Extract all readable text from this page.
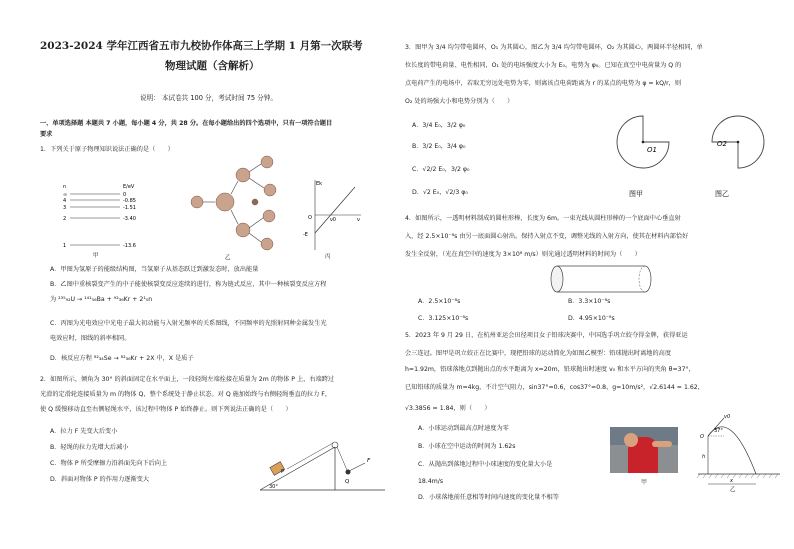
2023-2024 学年江西省五市九校协作体高三上学期 1 月第一次联考
物理试题（含解析）
说明： 本试卷共 100 分，考试时间 75 分钟。
一、单项选择题 本题共 7 小题，每小题 4 分，共 28 分。在每小题给出的四个选项中，只有一项符合题目
要求
1．下列关于原子物理知识说法正确的是（　　）
n	E/eV
∞
4
3
2
1
0
-0.85
-1.51
-3.40
-13.6
甲	乙
Ek
ν0	ν
O
-E
丙
A．甲图为氢原子的能级结构图，当氢原子从基态跃迁到激发态时，放出能量
B．乙图中重核裂变产生的中子能使核裂变反应连续的进行，称为链式反应，其中一种核裂变反应方程
为 ²³⁵₉₂U → ¹⁴¹₅₆Ba + ⁹²₃₆Kr + 2¹₀n
C．丙图为光电效应中光电子最大初动能与入射光频率的关系图线，不同频率的光照射同种金属发生光
电效应时，图线的斜率相同。
D．核反应方程 ⁸²₃₄Se → ⁸²₃₆Kr + 2X 中，X 是质子
2．如图所示，倾角为 30° 的斜面固定在水平面上，一段轻绳左端拴接在质量为 2m 的物体 P 上，右端跨过
光滑的定滑轮连接质量为 m 的物体 Q，整个系统处于静止状态。对 Q 施加始终与右侧轻绳垂直的拉力 F，
使 Q 缓慢移动直至右侧轻绳水平，该过程中物体 P 始终静止。则下列说法正确的是（　　）
A．拉力 F 先变大后变小
B．轻绳的拉力先增大后减小
C．物体 P 所受摩擦力沿斜面先向下后向上
D．斜面对物体 P 的作用力逐渐变大
P
Q
F
30°
3．图甲为 3/4 均匀带电圆环，O₁ 为其圆心，图乙为 3/4 均匀带电圆环，O₂ 为其圆心，两圆环半径相同，单
位长度的带电荷量、电性相同，O₁ 处的电场强度大小为 E₀，电势为 φ₀。已知在真空中电荷量为 Q 的
点电荷产生的电场中，若取无穷远处电势为零，则离该点电荷距离为 r 的某点的电势为 φ = kQ/r，则
O₂ 处的场强大小和电势分别为（　　）
A．3/4 E₀，3/2 φ₀
B．3/2 E₀，3/4 φ₀
C．√2/2 E₀，3/2 φ₀
D．√2 E₀，√2/3 φ₀
O1
O2
图甲	图乙
4．如图所示，一透明材料制成的圆柱形棒，长度为 6m。一束光线从圆柱形棒的一个底面中心垂直射
入，经 2.5×10⁻⁸s 由另一底面圆心射出。保持入射点不变，调整光线的入射方向，使其在材料内部恰好
发生全反射，（光在真空中的速度为 3×10⁸ m/s）则光通过透明材料的时间为（　　）
A．2.5×10⁻⁸s	B．3.3×10⁻⁸s
C．3.125×10⁻⁸s	D．4.95×10⁻⁸s
5．2023 年 9 月 29 日，在杭州亚运会田径项目女子铅球决赛中，中国选手巩立姣夺得金牌，获得亚运
会三连冠。图甲是巩立姣正在比赛中，现把铅球的运动简化为如图乙模型：铅球抛出时离地的高度
h=1.92m，铅球落地点到抛出点的水平距离为 x=20m，铅球抛出时速度 v₀ 和水平方向的夹角 θ=37°，
已知铅球的质量为 m=4kg，不计空气阻力，sin37°=0.6，cos37°=0.8，g=10m/s²，√2.6144 = 1.62，
√3.3856 = 1.84，则（　　）
A．小球运动到最高点时速度为零
B．小球在空中运动的时间为 1.62s
C．从抛出到落地过程中小球速度的变化量大小是
18.4m/s
D．小球落地前任意相等时间内速度的变化量不相等
甲
v0
37°
O
h
x
乙
